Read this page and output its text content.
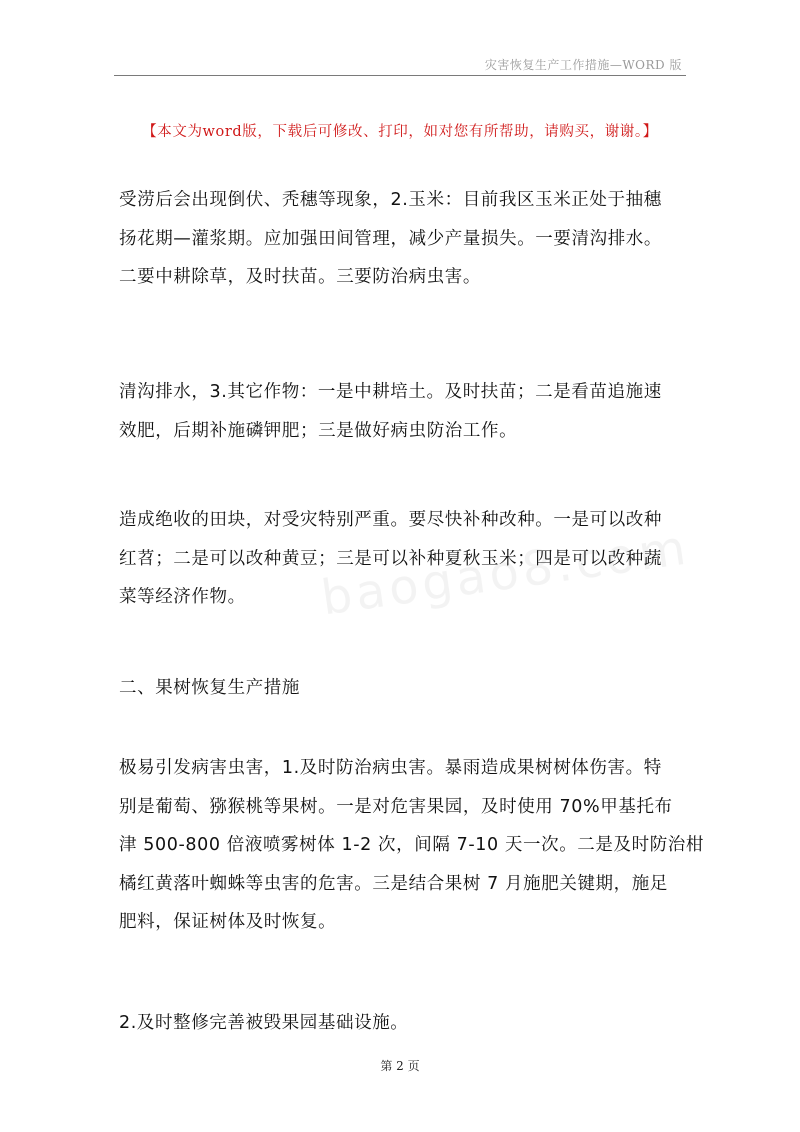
灾害恢复生产工作措施—WORD 版
【本文为word版，下载后可修改、打印，如对您有所帮助，请购买，谢谢。】
受涝后会出现倒伏、秃穗等现象，2.玉米：目前我区玉米正处于抽穗
扬花期—灌浆期。应加强田间管理，减少产量损失。一要清沟排水。
二要中耕除草，及时扶苗。三要防治病虫害。
清沟排水，3.其它作物：一是中耕培土。及时扶苗；二是看苗追施速
效肥，后期补施磷钾肥；三是做好病虫防治工作。
造成绝收的田块，对受灾特别严重。要尽快补种改种。一是可以改种
红苕；二是可以改种黄豆；三是可以补种夏秋玉米；四是可以改种蔬
菜等经济作物。
二、果树恢复生产措施
极易引发病害虫害，1.及时防治病虫害。暴雨造成果树树体伤害。特
别是葡萄、猕猴桃等果树。一是对危害果园，及时使用 70%甲基托布
津 500-800 倍液喷雾树体 1-2 次，间隔 7-10 天一次。二是及时防治柑
橘红黄落叶蜘蛛等虫害的危害。三是结合果树 7 月施肥关键期，施足
肥料，保证树体及时恢复。
2.及时整修完善被毁果园基础设施。
第 2 页
